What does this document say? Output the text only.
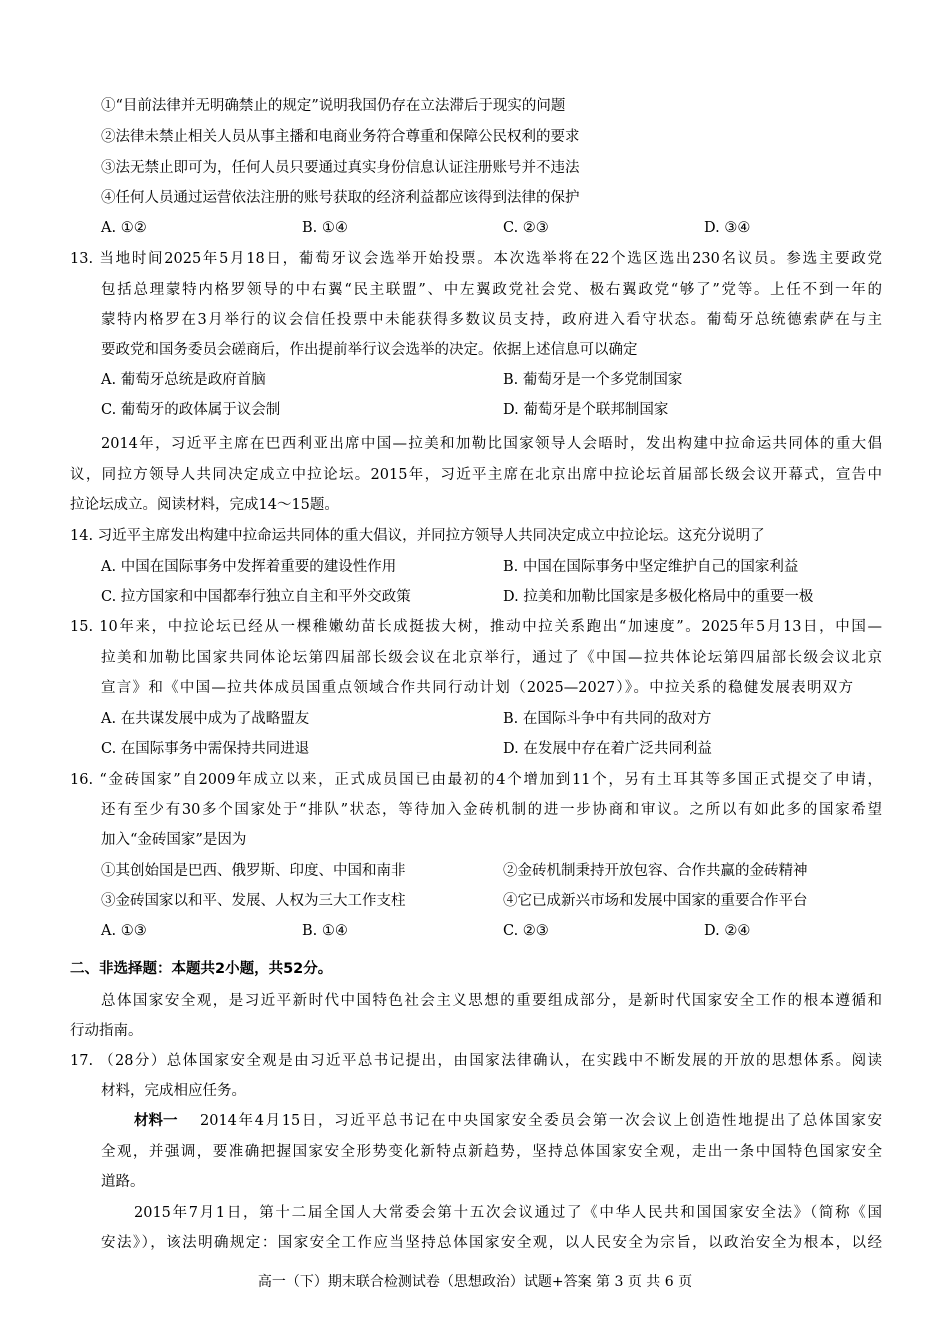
①“目前法律并无明确禁止的规定”说明我国仍存在立法滞后于现实的问题
②法律未禁止相关人员从事主播和电商业务符合尊重和保障公民权利的要求
③法无禁止即可为，任何人员只要通过真实身份信息认证注册账号并不违法
④任何人员通过运营依法注册的账号获取的经济利益都应该得到法律的保护
A. ①②	B. ①④	C. ②③	D. ③④
13. 当地时间2025年5月18日，葡萄牙议会选举开始投票。本次选举将在22个选区选出230名议员。参选主要政党
包括总理蒙特内格罗领导的中右翼“民主联盟”、中左翼政党社会党、极右翼政党“够了”党等。上任不到一年的
蒙特内格罗在3月举行的议会信任投票中未能获得多数议员支持，政府进入看守状态。葡萄牙总统德索萨在与主
要政党和国务委员会磋商后，作出提前举行议会选举的决定。依据上述信息可以确定
A. 葡萄牙总统是政府首脑	B. 葡萄牙是一个多党制国家
C. 葡萄牙的政体属于议会制	D. 葡萄牙是个联邦制国家
2014年，习近平主席在巴西利亚出席中国—拉美和加勒比国家领导人会晤时，发出构建中拉命运共同体的重大倡
议，同拉方领导人共同决定成立中拉论坛。2015年，习近平主席在北京出席中拉论坛首届部长级会议开幕式，宣告中
拉论坛成立。阅读材料，完成14～15题。
14. 习近平主席发出构建中拉命运共同体的重大倡议，并同拉方领导人共同决定成立中拉论坛。这充分说明了
A. 中国在国际事务中发挥着重要的建设性作用	B. 中国在国际事务中坚定维护自己的国家利益
C. 拉方国家和中国都奉行独立自主和平外交政策	D. 拉美和加勒比国家是多极化格局中的重要一极
15. 10年来，中拉论坛已经从一棵稚嫩幼苗长成挺拔大树，推动中拉关系跑出“加速度”。2025年5月13日，中国—
拉美和加勒比国家共同体论坛第四届部长级会议在北京举行，通过了《中国—拉共体论坛第四届部长级会议北京
宣言》和《中国—拉共体成员国重点领域合作共同行动计划（2025—2027）》。中拉关系的稳健发展表明双方
A. 在共谋发展中成为了战略盟友	B. 在国际斗争中有共同的敌对方
C. 在国际事务中需保持共同进退	D. 在发展中存在着广泛共同利益
16. “金砖国家”自2009年成立以来，正式成员国已由最初的4个增加到11个，另有土耳其等多国正式提交了申请，
还有至少有30多个国家处于“排队”状态，等待加入金砖机制的进一步协商和审议。之所以有如此多的国家希望
加入“金砖国家”是因为
①其创始国是巴西、俄罗斯、印度、中国和南非	②金砖机制秉持开放包容、合作共赢的金砖精神
③金砖国家以和平、发展、人权为三大工作支柱	④它已成新兴市场和发展中国家的重要合作平台
A. ①③	B. ①④	C. ②③	D. ②④
二、非选择题：本题共2小题，共52分。
总体国家安全观，是习近平新时代中国特色社会主义思想的重要组成部分，是新时代国家安全工作的根本遵循和
行动指南。
17. （28分）总体国家安全观是由习近平总书记提出，由国家法律确认，在实践中不断发展的开放的思想体系。阅读
材料，完成相应任务。
材料一 2014年4月15日，习近平总书记在中央国家安全委员会第一次会议上创造性地提出了总体国家安
全观，并强调，要准确把握国家安全形势变化新特点新趋势，坚持总体国家安全观，走出一条中国特色国家安全
道路。
2015年7月1日，第十二届全国人大常委会第十五次会议通过了《中华人民共和国国家安全法》（简称《国
安法》），该法明确规定：国家安全工作应当坚持总体国家安全观，以人民安全为宗旨，以政治安全为根本，以经
高一（下）期末联合检测试卷（思想政治）试题+答案 第 3 页 共 6 页
